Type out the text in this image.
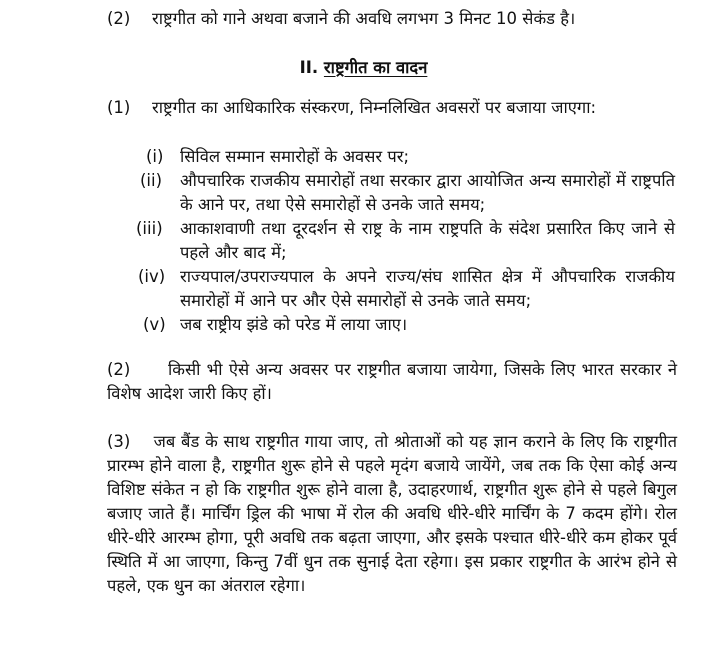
(2) राष्ट्रगीत को गाने अथवा बजाने की अवधि लगभग 3 मिनट 10 सेकंड है।
II. राष्ट्रगीत का वादन
(1) राष्ट्रगीत का आधिकारिक संस्करण, निम्नलिखित अवसरों पर बजाया जाएगा:
(i) सिविल सम्मान समारोहों के अवसर पर;
(ii) औपचारिक राजकीय समारोहों तथा सरकार द्वारा आयोजित अन्य समारोहों में राष्ट्रपति के आने पर, तथा ऐसे समारोहों से उनके जाते समय;
(iii) आकाशवाणी तथा दूरदर्शन से राष्ट्र के नाम राष्ट्रपति के संदेश प्रसारित किए जाने से पहले और बाद में;
(iv) राज्यपाल/उपराज्यपाल के अपने राज्य/संघ शासित क्षेत्र में औपचारिक राजकीय समारोहों में आने पर और ऐसे समारोहों से उनके जाते समय;
(v) जब राष्ट्रीय झंडे को परेड में लाया जाए।
(2) किसी भी ऐसे अन्य अवसर पर राष्ट्रगीत बजाया जायेगा, जिसके लिए भारत सरकार ने विशेष आदेश जारी किए हों।
(3) जब बैंड के साथ राष्ट्रगीत गाया जाए, तो श्रोताओं को यह ज्ञान कराने के लिए कि राष्ट्रगीत प्रारम्भ होने वाला है, राष्ट्रगीत शुरू होने से पहले मृदंग बजाये जायेंगे, जब तक कि ऐसा कोई अन्य विशिष्ट संकेत न हो कि राष्ट्रगीत शुरू होने वाला है, उदाहरणार्थ, राष्ट्रगीत शुरू होने से पहले बिगुल बजाए जाते हैं। मार्चिंग ड्रिल की भाषा में रोल की अवधि धीरे-धीरे मार्चिंग के 7 कदम होंगे। रोल धीरे-धीरे आरम्भ होगा, पूरी अवधि तक बढ़ता जाएगा, और इसके पश्चात धीरे-धीरे कम होकर पूर्व स्थिति में आ जाएगा, किन्तु 7वीं धुन तक सुनाई देता रहेगा। इस प्रकार राष्ट्रगीत के आरंभ होने से पहले, एक धुन का अंतराल रहेगा।
